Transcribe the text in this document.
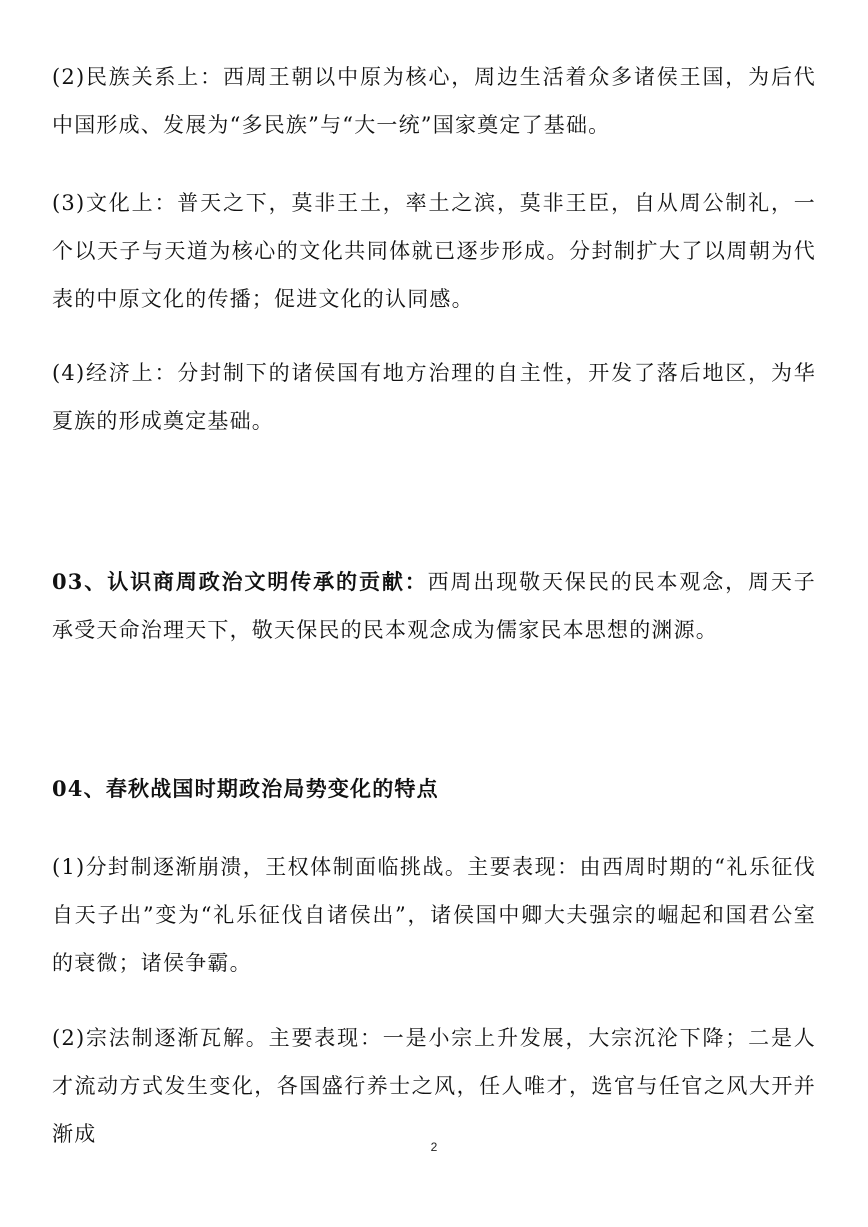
(2)民族关系上：西周王朝以中原为核心，周边生活着众多诸侯王国，为后代中国形成、发展为“多民族”与“大一统”国家奠定了基础。

(3)文化上：普天之下，莫非王土，率土之滨，莫非王臣，自从周公制礼，一个以天子与天道为核心的文化共同体就已逐步形成。分封制扩大了以周朝为代表的中原文化的传播；促进文化的认同感。

(4)经济上：分封制下的诸侯国有地方治理的自主性，开发了落后地区，为华夏族的形成奠定基础。

03、认识商周政治文明传承的贡献：西周出现敬天保民的民本观念，周天子承受天命治理天下，敬天保民的民本观念成为儒家民本思想的渊源。

04、春秋战国时期政治局势变化的特点

(1)分封制逐渐崩溃，王权体制面临挑战。主要表现：由西周时期的“礼乐征伐自天子出”变为“礼乐征伐自诸侯出”，诸侯国中卿大夫强宗的崛起和国君公室的衰微；诸侯争霸。

(2)宗法制逐渐瓦解。主要表现：一是小宗上升发展，大宗沉沦下降；二是人才流动方式发生变化，各国盛行养士之风，任人唯才，选官与任官之风大开并渐成

2
